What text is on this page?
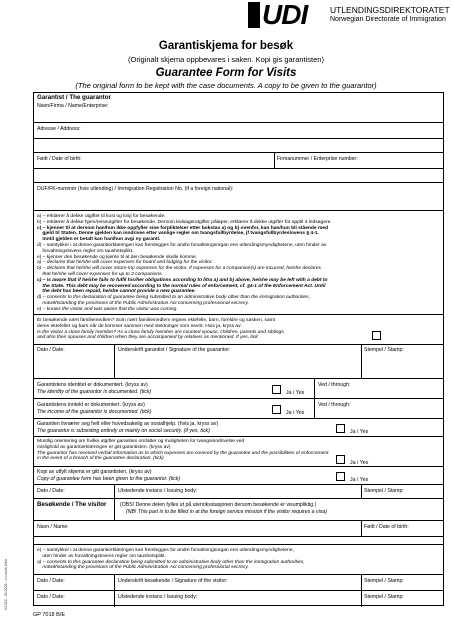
UDI	UTLENDINGSDIREKTORATET
Norwegian Directorate of Immigration
Garantiskjema for besøk
(Originalt skjema oppbevares i saken. Kopi gis garantisten)
Guarantee Form for Visits
(The original form to be kept with the case documents. A copy to be given to the guarantor)
Garantist / The guarantor
Navn/Firma / Name/Enterprise:
Adresse / Address:
Født / Date of birth:	Firmanummer / Enterprise number:
DUF/FK-nummer (hvis utlending) / Immigration Registration No. (if a foreign national):
a) – erklærer å dekke utgifter til kost og losji for besøkende.
b) – erklærer å dekke hjem/reiseutgifter for besøkende. Dersom ledsagerutgifter påløper, erklærer å dekke utgifter for opptil 3 ledsagere.
c) – kjenner til at dersom han/hun ikke oppfyller sine forpliktelser etter bokstav a) og b) ovenfor, kan han/hun bli stående med
gjeld til Staten. Denne gjelden kan inndrives etter vanlige regler om tvangsfullbyrdelse, jf tvangsfullbyrdeslovens § 4-1.
Inntil gjelden er betalt kan han/hun avgi ny garanti.
d) – samtykker i at denne garantierklæringen kan fremlegges for andre forvaltningsorgan enn utlendingsmyndighetene, uten hinder av
forvaltningslovens regler om taushetsplikt.
e) – kjenner den besøkende og kjente til at den besøkende skulle komme.
a) – declares that he/she will cover expenses for board and lodging for the visitor.
b) – declares that he/she will cover return-trip expenses for the visitor. If expenses for a companion(s) are incurred, he/she declares
that he/she will cover expenses for up to 3 companions.
c) – is aware that if he/she fails to fulfil his/her obligations according to litra a) and b) above, he/she may be left with a debt to
the State. This debt may be recovered according to the normal rules of enforcement, cf. §4-1 of the Enforcement Act. Until
the debt has been repaid, he/she cannot provide a new guarantee.
d) – consents to this declaration of guarantee being submitted to an administrative body other than the immigration authorities,
notwithstanding the provisions of the Public Administration Act concerning professional secrecy.
e) – knows the visitor and was aware that the visitor was coming.
Er besøkende nært familiemedlem? Som nært familiemedlem regnes ektefelle, barn, foreldre og søsken, samt
deres ektefeller og barn når de kommer sammen med slektninger som nevnt. Hvis ja, kryss av:
Is the visitor a close family member? As a close family member are counted spouse, children, parents and siblings,
and also their spouses and children when they are accompanied by relatives as mentioned. If yes, tick:
Dato / Date:	Underskrift garantist / Signature of the guarantor:	Stempel / Stamp:
Garantistens identitet er dokumentert. (kryss av)
The identity of the guarantor is documented. (tick)	Ja / Yes
Ved / through:
Garantistens inntekt er dokumentert. (kryss av)
The income of the guarantor is documented. (tick)	Ja / Yes
Ved / through:
Garantien livnærer seg helt eller hovedsakelig av sosialhjelp. (hvis ja, kryss av)
The guarantor is subsisting entirely or mainly on social security. (if yes, tick)	Ja / Yes
Muntlig orientering om hvilke utgifter garantien omfatter og muligheten for tvangsinndrivelse ved
mislighold av garantierklæringen er gitt garantisten. (kryss av)
The guarantor has received verbal information as to which expenses are covered by the guarantee and the possibilities of enforcement
in the event of a breach of the guarantee declaration. (tick)
Ja / Yes
Kopi av utfylt skjema er gitt garantisten. (kryss av)
Copy of guarantee form has been given to the guarantor. (tick)	Ja / Yes
Dato / Date:	Utstedende instans / Issuing body:	Stempel / Stamp:
Besøkende / The visitor	(OBS! Denne delen fylles ut på utenriksstasjonen dersom besøkende er visumpliktig.)
(NB! This part is to be filled in at the foreign service mission if the visitor requires a visa)
Navn / Name:	Født / Date of birth:
e) – samtykker i at denne garantierklæringen kan fremlegges for andre forvaltningsorgan enn utlendingsmyndighetene,
uten hinder av forvaltningslovens regler om taushetsplikt.
a) – consents to this guarantee declaration being submitted to an administrative body other than the immigration authorities,
notwithstanding the provisions of the Public Administration Act concerning professional secrecy.
Dato / Date:	Underskrift besøkende / Signature of the visitor:	Stempel / Stamp:
Dato / Date:	Utstedende instans / Issuing body:	Stempel / Stamp:
03.020 - 02.2003 - e.o.work Oslo
GP 7018 B/E
